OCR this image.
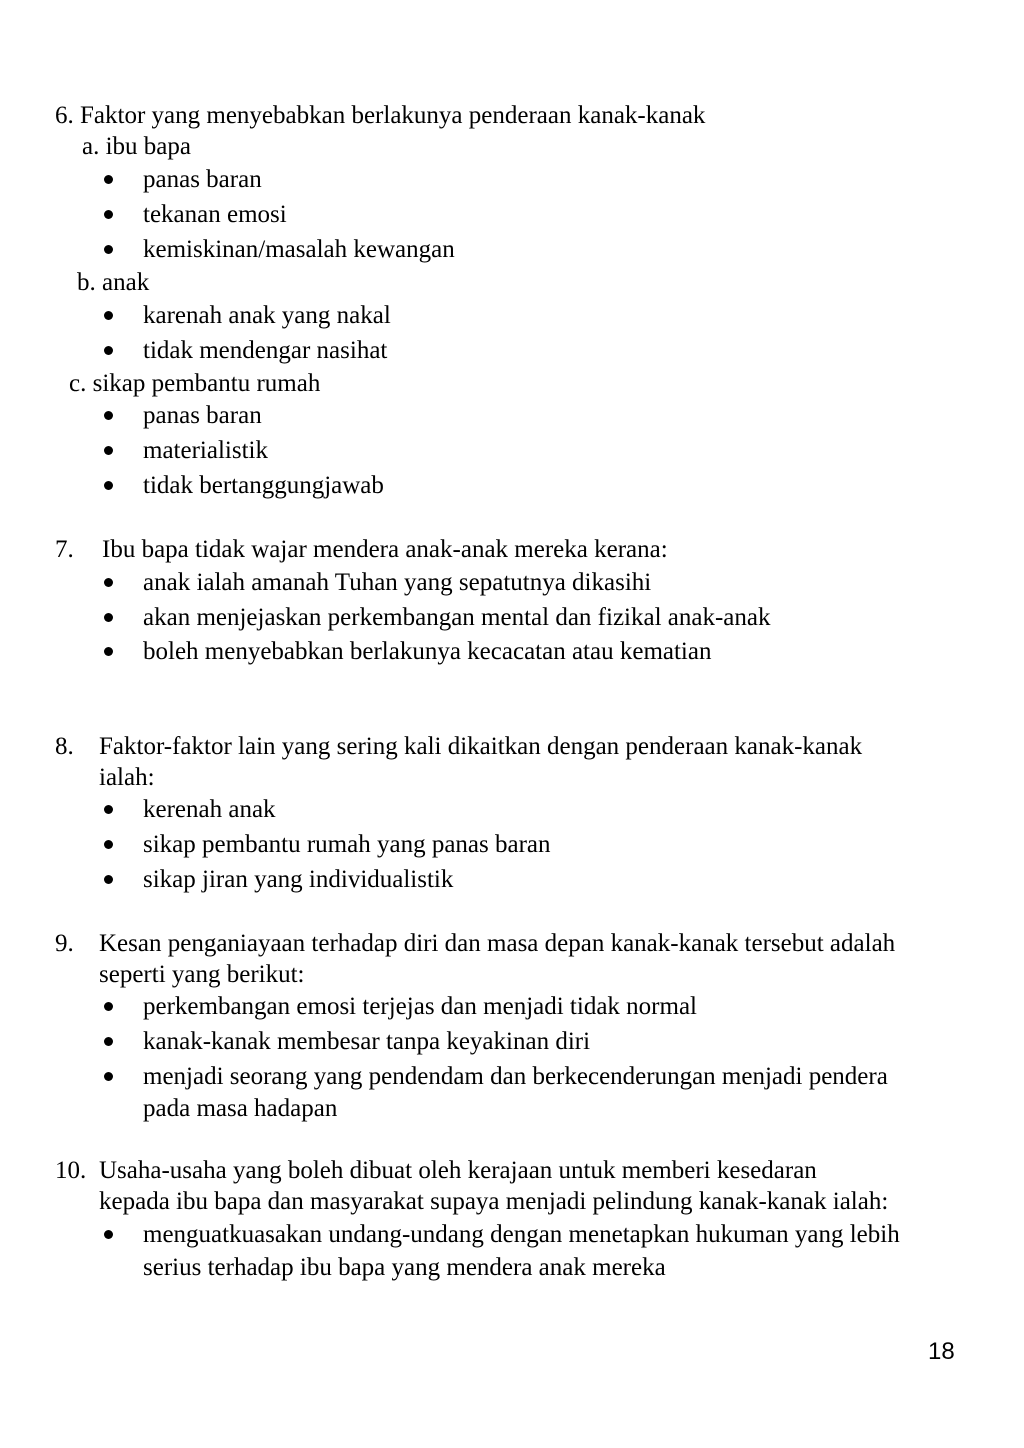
6. Faktor yang menyebabkan berlakunya penderaan kanak-kanak
a. ibu bapa
panas baran
tekanan emosi
kemiskinan/masalah kewangan
b. anak
karenah anak yang nakal
tidak mendengar nasihat
c. sikap pembantu rumah
panas baran
materialistik
tidak bertanggungjawab
7. Ibu bapa tidak wajar mendera anak-anak mereka kerana:
anak ialah amanah Tuhan yang sepatutnya dikasihi
akan menjejaskan perkembangan mental dan fizikal anak-anak
boleh menyebabkan berlakunya kecacatan atau kematian
8. Faktor-faktor lain yang sering kali dikaitkan dengan penderaan kanak-kanak
ialah:
kerenah anak
sikap pembantu rumah yang panas baran
sikap jiran yang individualistik
9. Kesan penganiayaan terhadap diri dan masa depan kanak-kanak tersebut adalah
seperti yang berikut:
perkembangan emosi terjejas dan menjadi tidak normal
kanak-kanak membesar tanpa keyakinan diri
menjadi seorang yang pendendam dan berkecenderungan menjadi pendera
pada masa hadapan
10. Usaha-usaha yang boleh dibuat oleh kerajaan untuk memberi kesedaran
kepada ibu bapa dan masyarakat supaya menjadi pelindung kanak-kanak ialah:
menguatkuasakan undang-undang dengan menetapkan hukuman yang lebih
serius terhadap ibu bapa yang mendera anak mereka
18
